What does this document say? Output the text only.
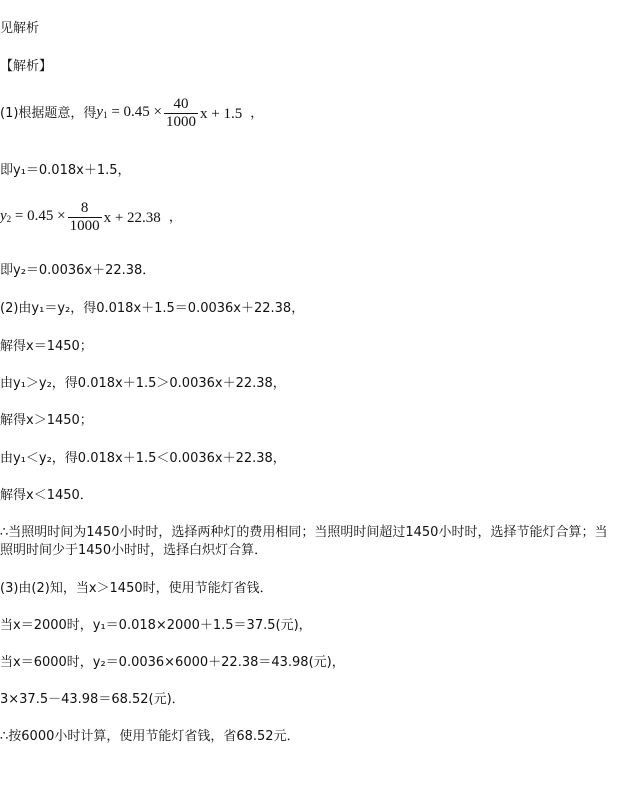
见解析
【解析】
(1)根据题意，得 $y_1 = 0.45 \times \frac{40}{1000}$ x + 1.5 ，
即y₁＝0.018x＋1.5，
$y_2 = 0.45 \times \frac{8}{1000}$ x + 22.38 ，
即y₂＝0.0036x＋22.38．
(2)由y₁＝y₂，得0.018x＋1.5＝0.0036x＋22.38，
解得x＝1450；
由y₁＞y₂，得0.018x＋1.5＞0.0036x＋22.38，
解得x＞1450；
由y₁＜y₂，得0.018x＋1.5＜0.0036x＋22.38，
解得x＜1450．
∴当照明时间为1450小时时，选择两种灯的费用相同；当照明时间超过1450小时时，选择节能灯合算；当照明时间少于1450小时时，选择白炽灯合算．
(3)由(2)知，当x＞1450时，使用节能灯省钱．
当x＝2000时，y₁＝0.018×2000＋1.5＝37.5(元)，
当x＝6000时，y₂＝0.0036×6000＋22.38＝43.98(元)，
3×37.5－43.98＝68.52(元)．
∴按6000小时计算，使用节能灯省钱，省68.52元．
